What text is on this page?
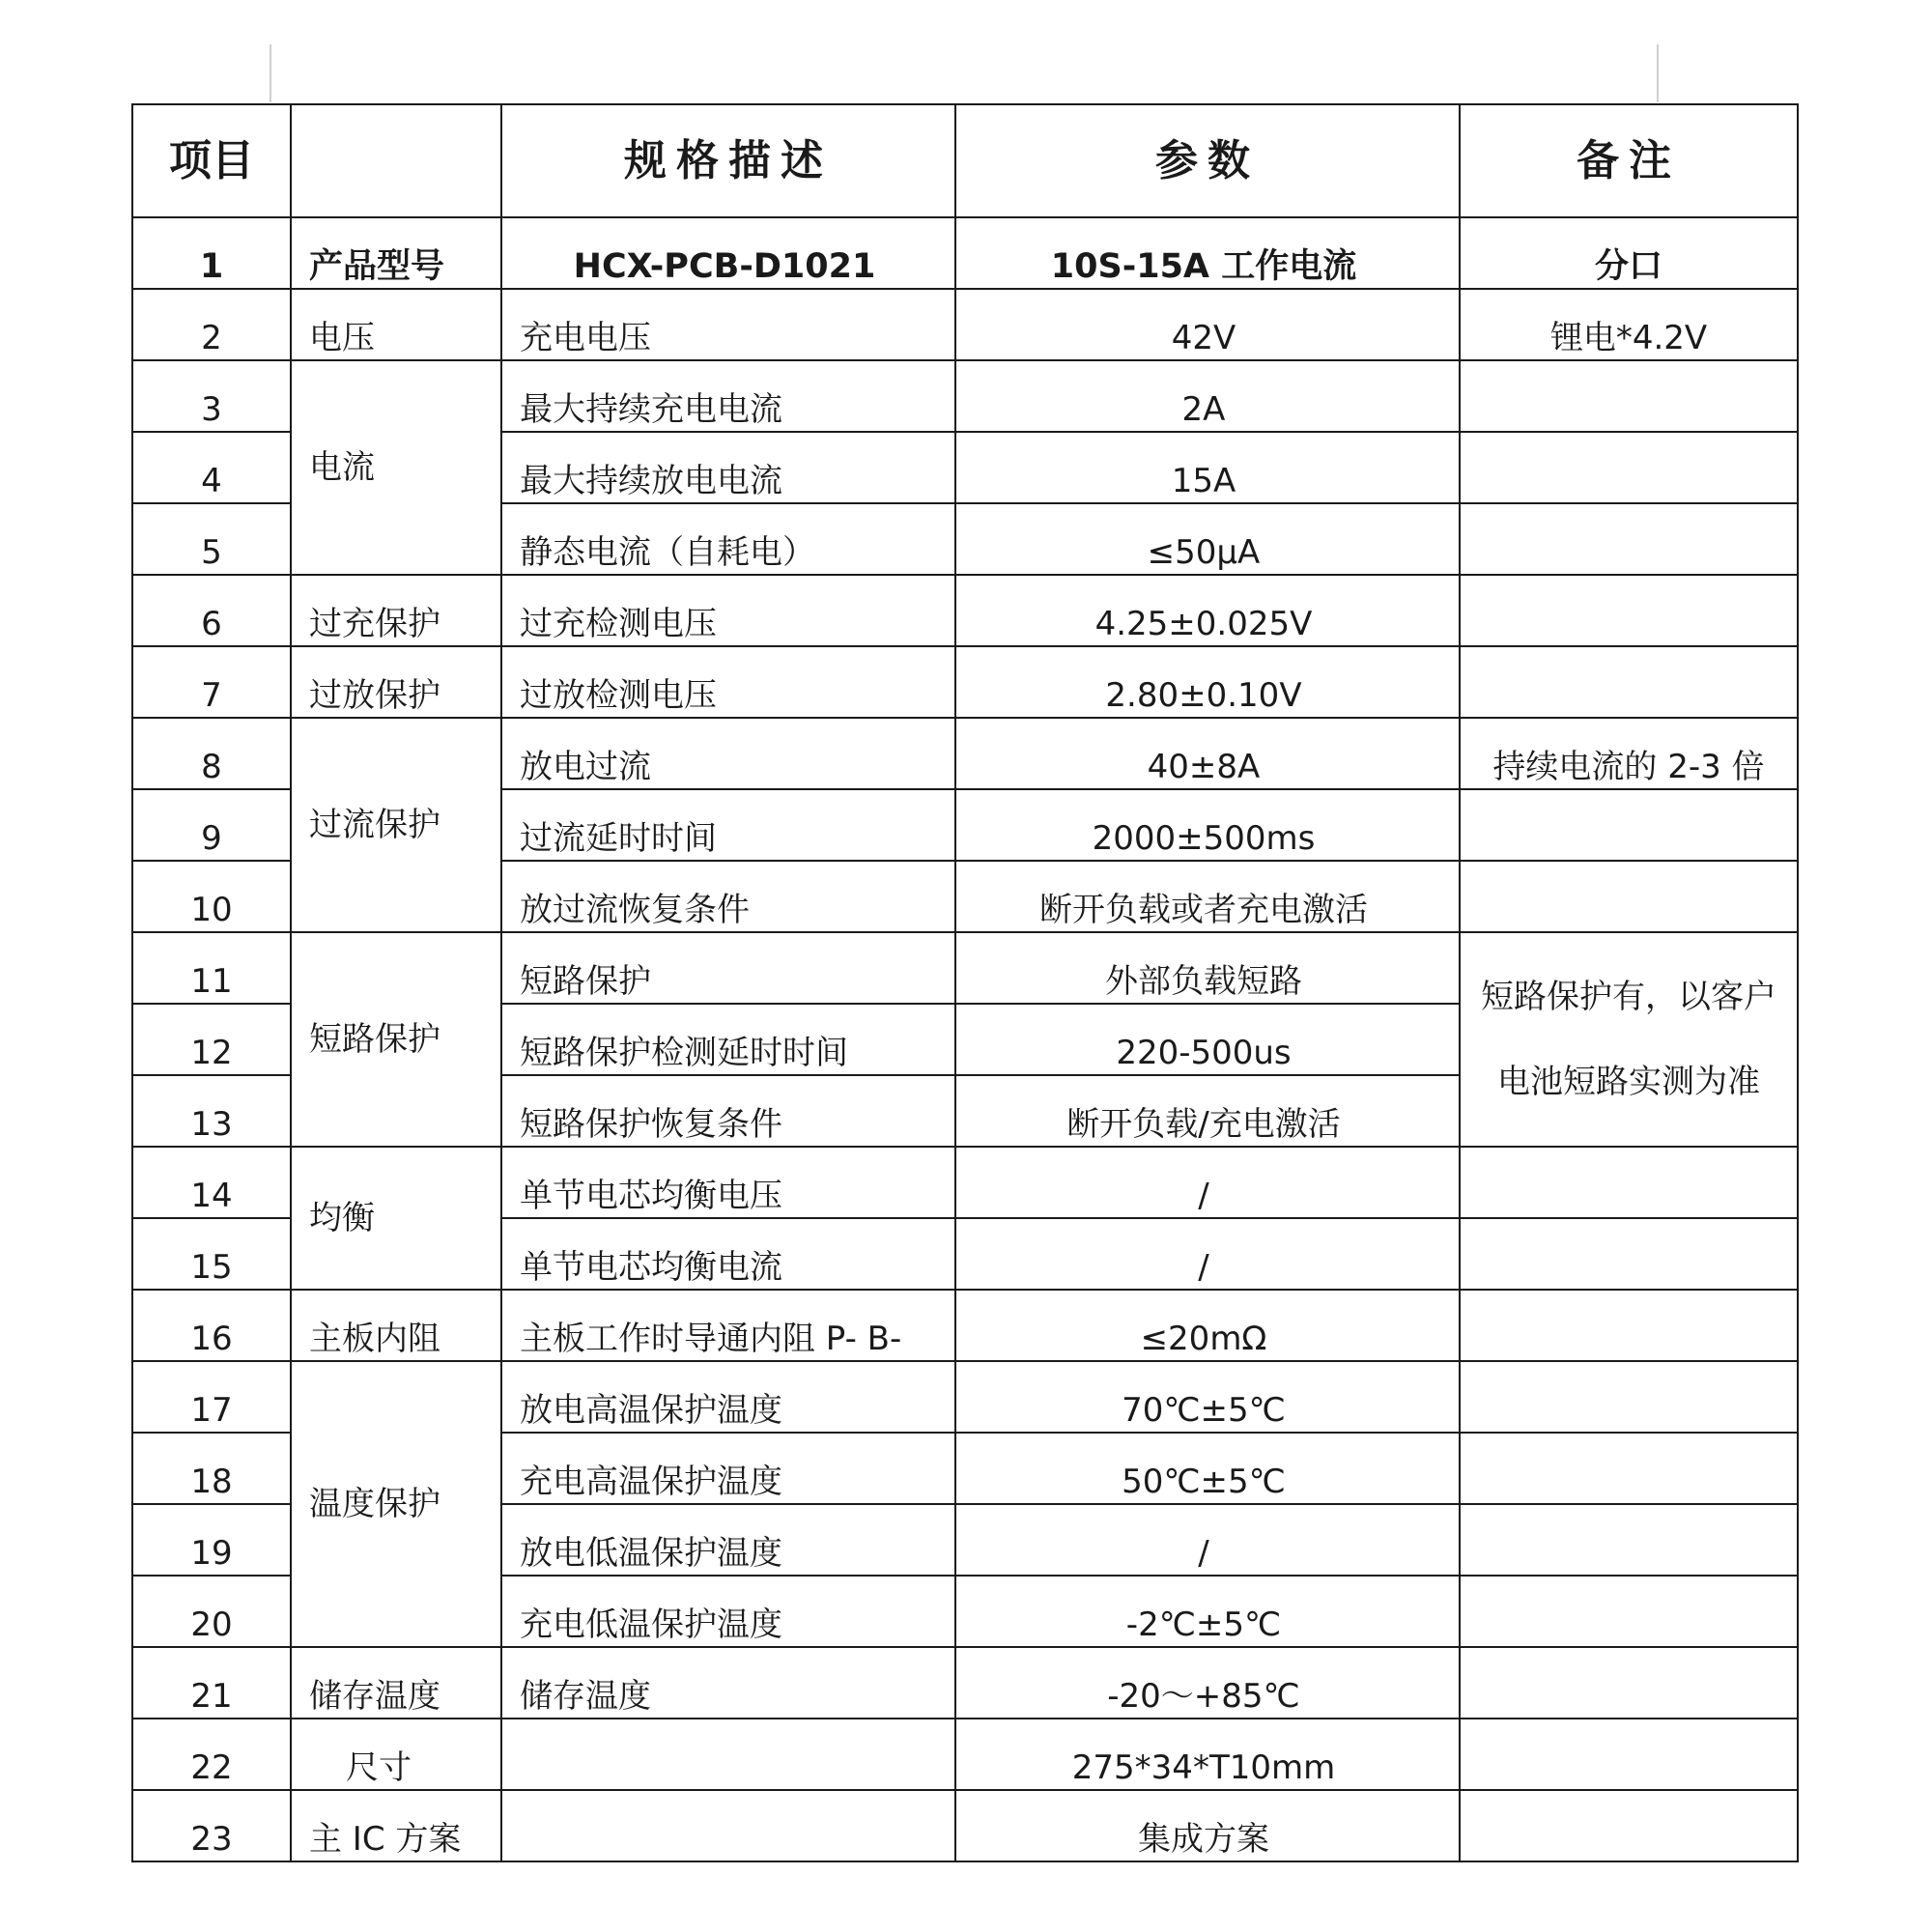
项目		规格描述	参数	备注
1	产品型号	HCX-PCB-D1021	10S-15A 工作电流	分口
2	电压	充电电压	42V	锂电*4.2V
3	电流	最大持续充电电流	2A	
4		最大持续放电电流	15A	
5		静态电流（自耗电）	≤50μA	
6	过充保护	过充检测电压	4.25±0.025V	
7	过放保护	过放检测电压	2.80±0.10V	
8	过流保护	放电过流	40±8A	持续电流的 2-3 倍
9		过流延时时间	2000±500ms	
10		放过流恢复条件	断开负载或者充电激活	
11	短路保护	短路保护	外部负载短路	短路保护有，以客户
电池短路实测为准

12		短路保护检测延时时间	220-500us	
13		短路保护恢复条件	断开负载/充电激活	
14	均衡	单节电芯均衡电压	/	
15		单节电芯均衡电流	/	
16	主板内阻	主板工作时导通内阻 P- B-	≤20mΩ	
17	温度保护	放电高温保护温度	70℃±5℃	
18		充电高温保护温度	50℃±5℃	
19		放电低温保护温度	/	
20		充电低温保护温度	-2℃±5℃	
21	储存温度	储存温度	-20～+85℃	
22	尺寸		275*34*T10mm	
23	主 IC 方案		集成方案	
